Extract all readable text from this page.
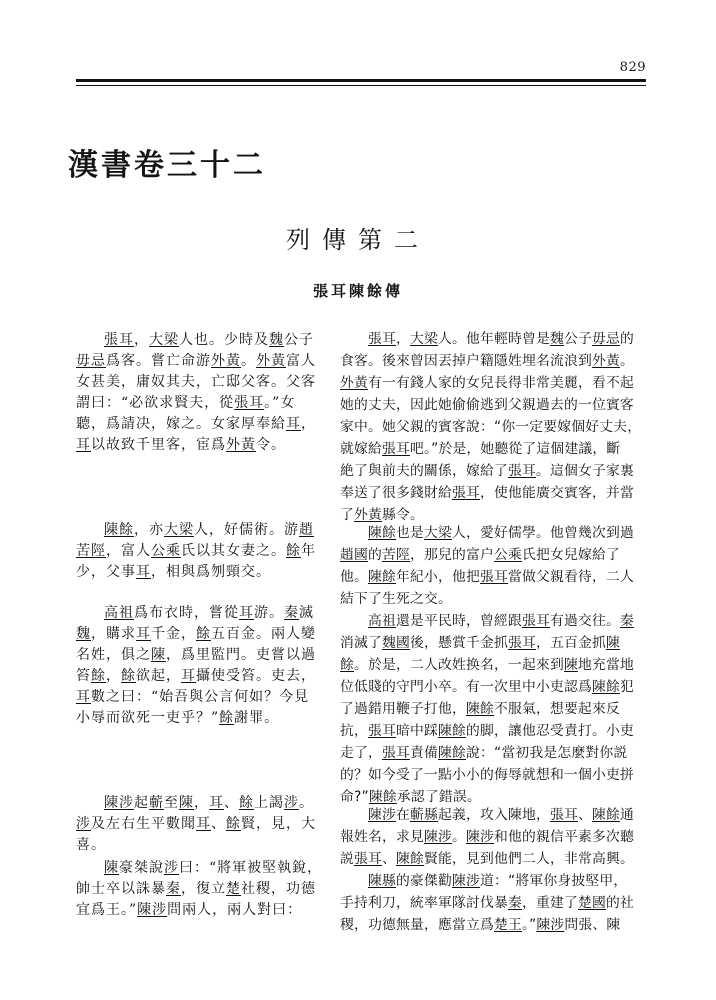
829
漢書卷三十二
列傳第二
張耳陳餘傳
張耳，大梁人也。少時及魏公子
毋忌爲客。嘗亡命游外黃。外黃富人
女甚美，庸奴其夫，亡邸父客。父客
謂曰：“必欲求賢夫，從張耳。”女
聽，爲請决，嫁之。女家厚奉給耳，
耳以故致千里客，宦爲外黃令。
陳餘，亦大梁人，好儒術。游趙
苦陘，富人公乘氏以其女妻之。餘年
少，父事耳，相與爲刎頸交。
高祖爲布衣時，嘗從耳游。秦滅
魏，購求耳千金，餘五百金。兩人變
名姓，俱之陳，爲里監門。吏嘗以過
笞餘，餘欲起，耳攝使受笞。吏去，
耳數之曰：“始吾與公言何如？今見
小辱而欲死一吏乎？”餘謝罪。
陳涉起蘄至陳，耳、餘上謁涉。
涉及左右生平數聞耳、餘賢，見，大
喜。
陳豪桀說涉曰：“將軍被堅執銳，
帥士卒以誅暴秦，復立楚社稷，功德
宜爲王。”陳涉問兩人，兩人對曰：
張耳，大梁人。他年輕時曾是魏公子毋忌的
食客。後來曾因丟掉户籍隱姓埋名流浪到外黃。
外黃有一有錢人家的女兒長得非常美麗，看不起
她的丈夫，因此她偷偷逃到父親過去的一位賓客
家中。她父親的賓客說：“你一定要嫁個好丈夫，
就嫁給張耳吧。”於是，她聽從了這個建議，斷
絶了與前夫的關係，嫁給了張耳。這個女子家裏
奉送了很多錢財給張耳，使他能廣交賓客，并當
了外黃縣令。
陳餘也是大梁人，愛好儒學。他曾幾次到過
趙國的苦陘，那兒的富户公乘氏把女兒嫁給了
他。陳餘年紀小，他把張耳當做父親看待，二人
結下了生死之交。
高祖還是平民時，曾經跟張耳有過交往。秦
消滅了魏國後，懸賞千金抓張耳，五百金抓陳
餘。於是，二人改姓换名，一起來到陳地充當地
位低賤的守門小卒。有一次里中小吏認爲陳餘犯
了過錯用鞭子打他，陳餘不服氣，想要起來反
抗，張耳暗中踩陳餘的脚，讓他忍受責打。小吏
走了，張耳責備陳餘說：“當初我是怎麼對你説
的？如今受了一點小小的侮辱就想和一個小吏拼
命?”陳餘承認了錯誤。
陳涉在蘄縣起義，攻入陳地，張耳、陳餘通
報姓名，求見陳涉。陳涉和他的親信平素多次聽
説張耳、陳餘賢能，見到他們二人，非常高興。
陳縣的豪傑勸陳涉道：“將軍你身披堅甲，
手持利刀，統率軍隊討伐暴秦，重建了楚國的社
稷，功德無量，應當立爲楚王。”陳涉問張、陳
